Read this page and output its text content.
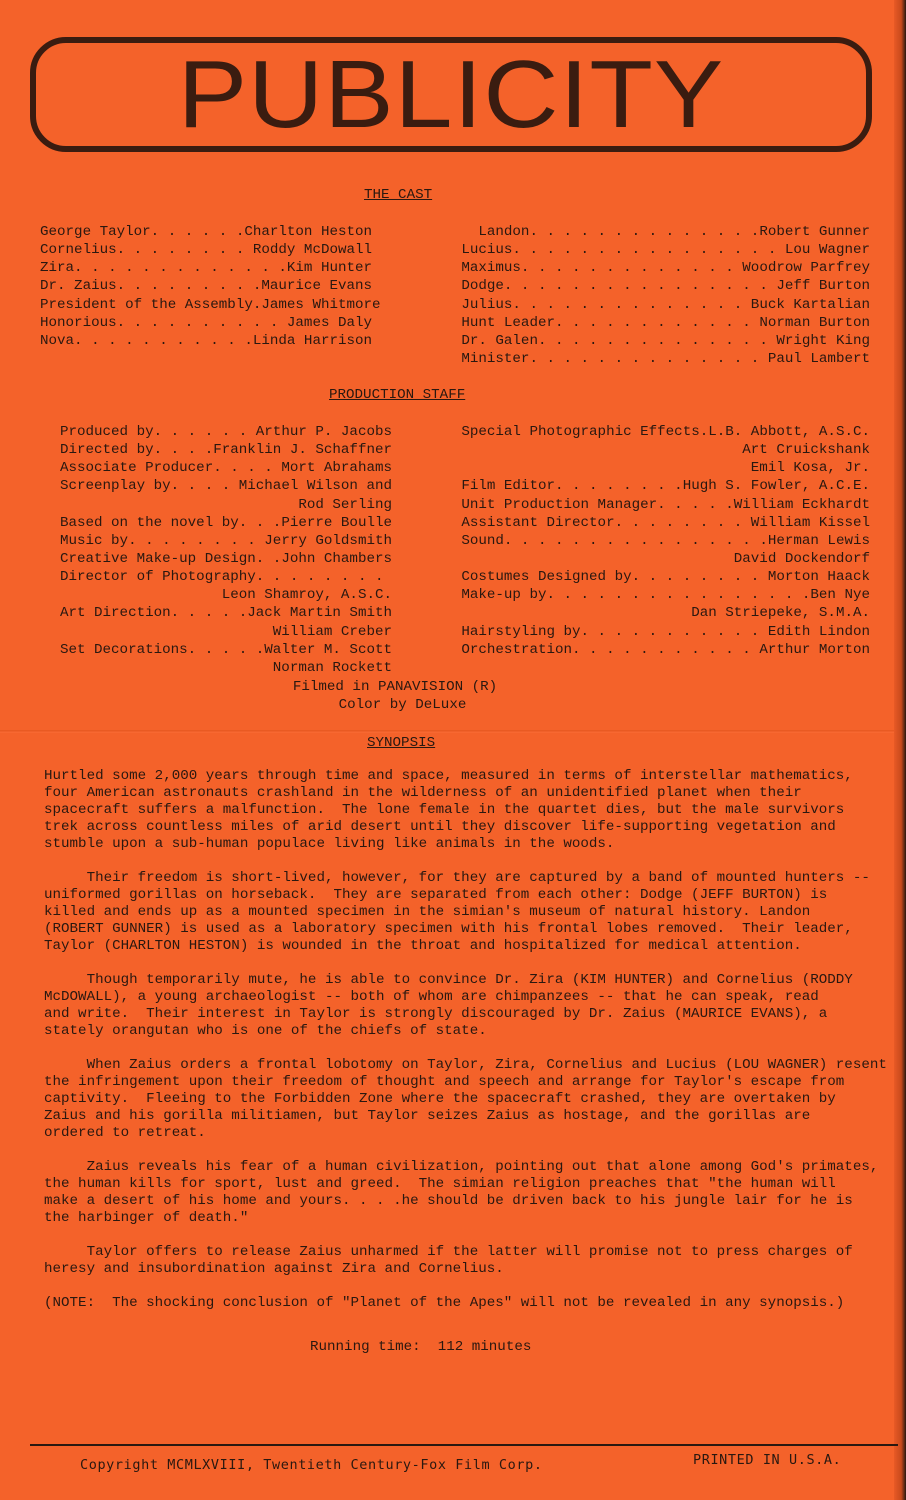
PUBLICITY
THE CAST
George Taylor. . . . . .Charlton Heston
Cornelius. . . . . . . . Roddy McDowall
Zira. . . . . . . . . . . . .Kim Hunter
Dr. Zaius. . . . . . . . .Maurice Evans
President of the Assembly.James Whitmore
Honorious. . . . . . . . . . James Daly
Nova. . . . . . . . . . .Linda Harrison
Landon. . . . . . . . . . . . . .Robert Gunner
Lucius. . . . . . . . . . . . . . . . Lou Wagner
Maximus. . . . . . . . . . . . . Woodrow Parfrey
Dodge. . . . . . . . . . . . . . . . Jeff Burton
Julius. . . . . . . . . . . . . . Buck Kartalian
Hunt Leader. . . . . . . . . . . . Norman Burton
Dr. Galen. . . . . . . . . . . . . . Wright King
Minister. . . . . . . . . . . . . . Paul Lambert
PRODUCTION STAFF
Produced by. . . . . . Arthur P. Jacobs
Directed by. . . .Franklin J. Schaffner
Associate Producer. . . . Mort Abrahams
Screenplay by. . . . Michael Wilson and
Rod Serling
Based on the novel by. . .Pierre Boulle
Music by. . . . . . . . Jerry Goldsmith
Creative Make-up Design. .John Chambers
Director of Photography. . . . . . . .
Leon Shamroy, A.S.C.
Art Direction. . . . .Jack Martin Smith
William Creber
Set Decorations. . . . .Walter M. Scott
Norman Rockett
Special Photographic Effects.L.B. Abbott, A.S.C.
Art Cruickshank
Emil Kosa, Jr.
Film Editor. . . . . . . .Hugh S. Fowler, A.C.E.
Unit Production Manager. . . . .William Eckhardt
Assistant Director. . . . . . . . William Kissel
Sound. . . . . . . . . . . . . . . .Herman Lewis
David Dockendorf
Costumes Designed by. . . . . . . . Morton Haack
Make-up by. . . . . . . . . . . . . . . .Ben Nye
Dan Striepeke, S.M.A.
Hairstyling by. . . . . . . . . . . Edith Lindon
Orchestration. . . . . . . . . . . Arthur Morton
Filmed in PANAVISION (R)
Color by DeLuxe
SYNOPSIS

Hurtled some 2,000 years through time and space, measured in terms of interstellar mathematics,
four American astronauts crashland in the wilderness of an unidentified planet when their
spacecraft suffers a malfunction.  The lone female in the quartet dies, but the male survivors
trek across countless miles of arid desert until they discover life-supporting vegetation and
stumble upon a sub-human populace living like animals in the woods.

Their freedom is short-lived, however, for they are captured by a band of mounted hunters --
uniformed gorillas on horseback.  They are separated from each other: Dodge (JEFF BURTON) is
killed and ends up as a mounted specimen in the simian's museum of natural history. Landon
(ROBERT GUNNER) is used as a laboratory specimen with his frontal lobes removed.  Their leader,
Taylor (CHARLTON HESTON) is wounded in the throat and hospitalized for medical attention.

Though temporarily mute, he is able to convince Dr. Zira (KIM HUNTER) and Cornelius (RODDY
McDOWALL), a young archaeologist -- both of whom are chimpanzees -- that he can speak, read
and write.  Their interest in Taylor is strongly discouraged by Dr. Zaius (MAURICE EVANS), a
stately orangutan who is one of the chiefs of state.

When Zaius orders a frontal lobotomy on Taylor, Zira, Cornelius and Lucius (LOU WAGNER) resent
the infringement upon their freedom of thought and speech and arrange for Taylor's escape from
captivity.  Fleeing to the Forbidden Zone where the spacecraft crashed, they are overtaken by
Zaius and his gorilla militiamen, but Taylor seizes Zaius as hostage, and the gorillas are
ordered to retreat.

Zaius reveals his fear of a human civilization, pointing out that alone among God's primates,
the human kills for sport, lust and greed.  The simian religion preaches that "the human will
make a desert of his home and yours. . . .he should be driven back to his jungle lair for he is
the harbinger of death."

Taylor offers to release Zaius unharmed if the latter will promise not to press charges of
heresy and insubordination against Zira and Cornelius.

(NOTE:  The shocking conclusion of "Planet of the Apes" will not be revealed in any synopsis.)

Running time:  112 minutes
Copyright MCMLXVIII, Twentieth Century-Fox Film Corp.	PRINTED IN U.S.A.
